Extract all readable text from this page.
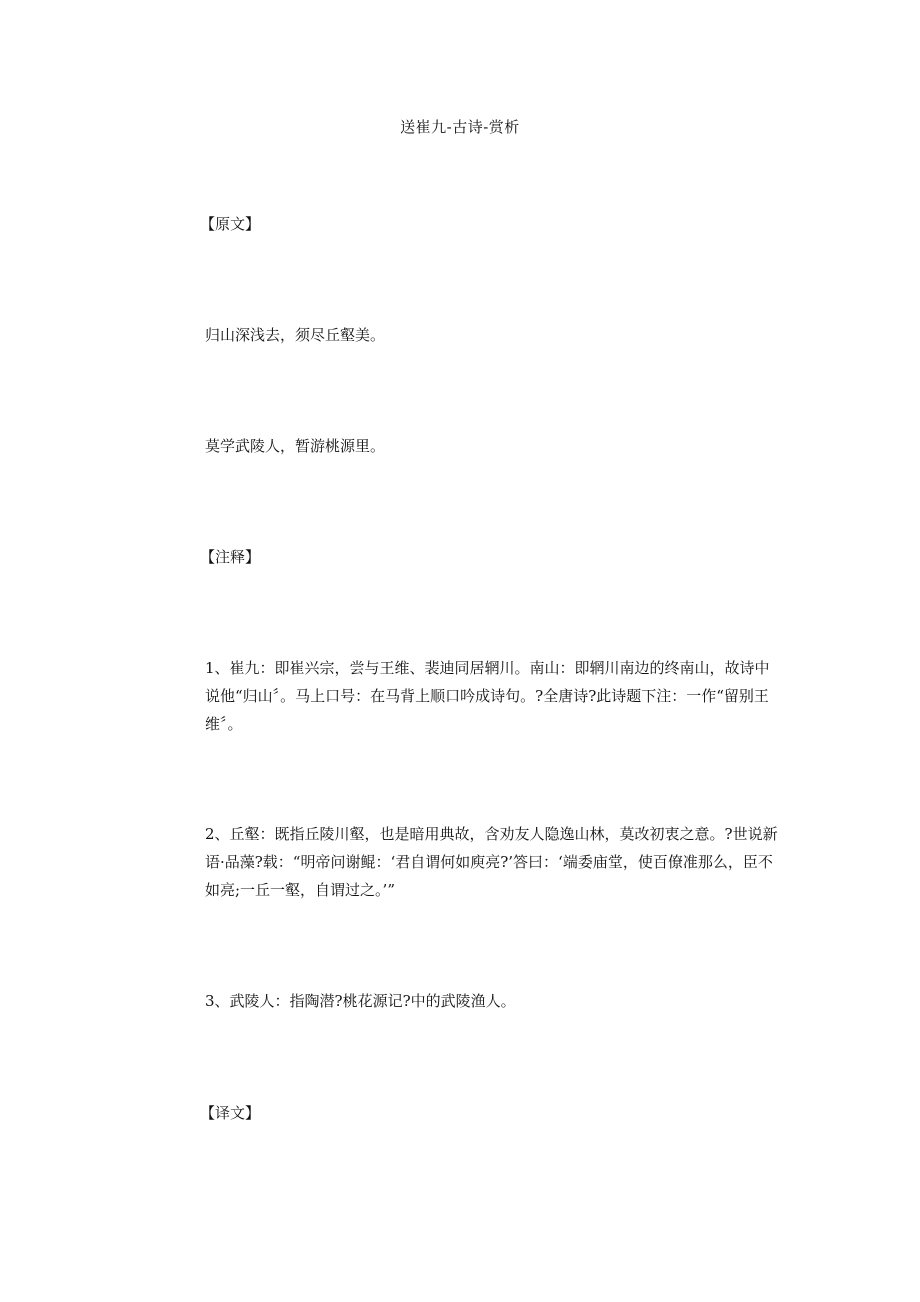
送崔九-古诗-赏析

【原文】

归山深浅去，须尽丘壑美。

莫学武陵人，暂游桃源里。

【注释】

1、崔九：即崔兴宗，尝与王维、裴迪同居辋川。南山：即辋川南边的终南山，故诗中说他“归山〞。马上口号：在马背上顺口吟成诗句。?全唐诗?此诗题下注：一作“留别王维〞。

2、丘壑：既指丘陵川壑，也是暗用典故，含劝友人隐逸山林，莫改初衷之意。?世说新语·品藻?载：“明帝问谢鲲：‘君自谓何如庾亮?’答曰：‘端委庙堂，使百僚准那么，臣不如亮;一丘一壑，自谓过之。’”

3、武陵人：指陶潜?桃花源记?中的武陵渔人。

【译文】
